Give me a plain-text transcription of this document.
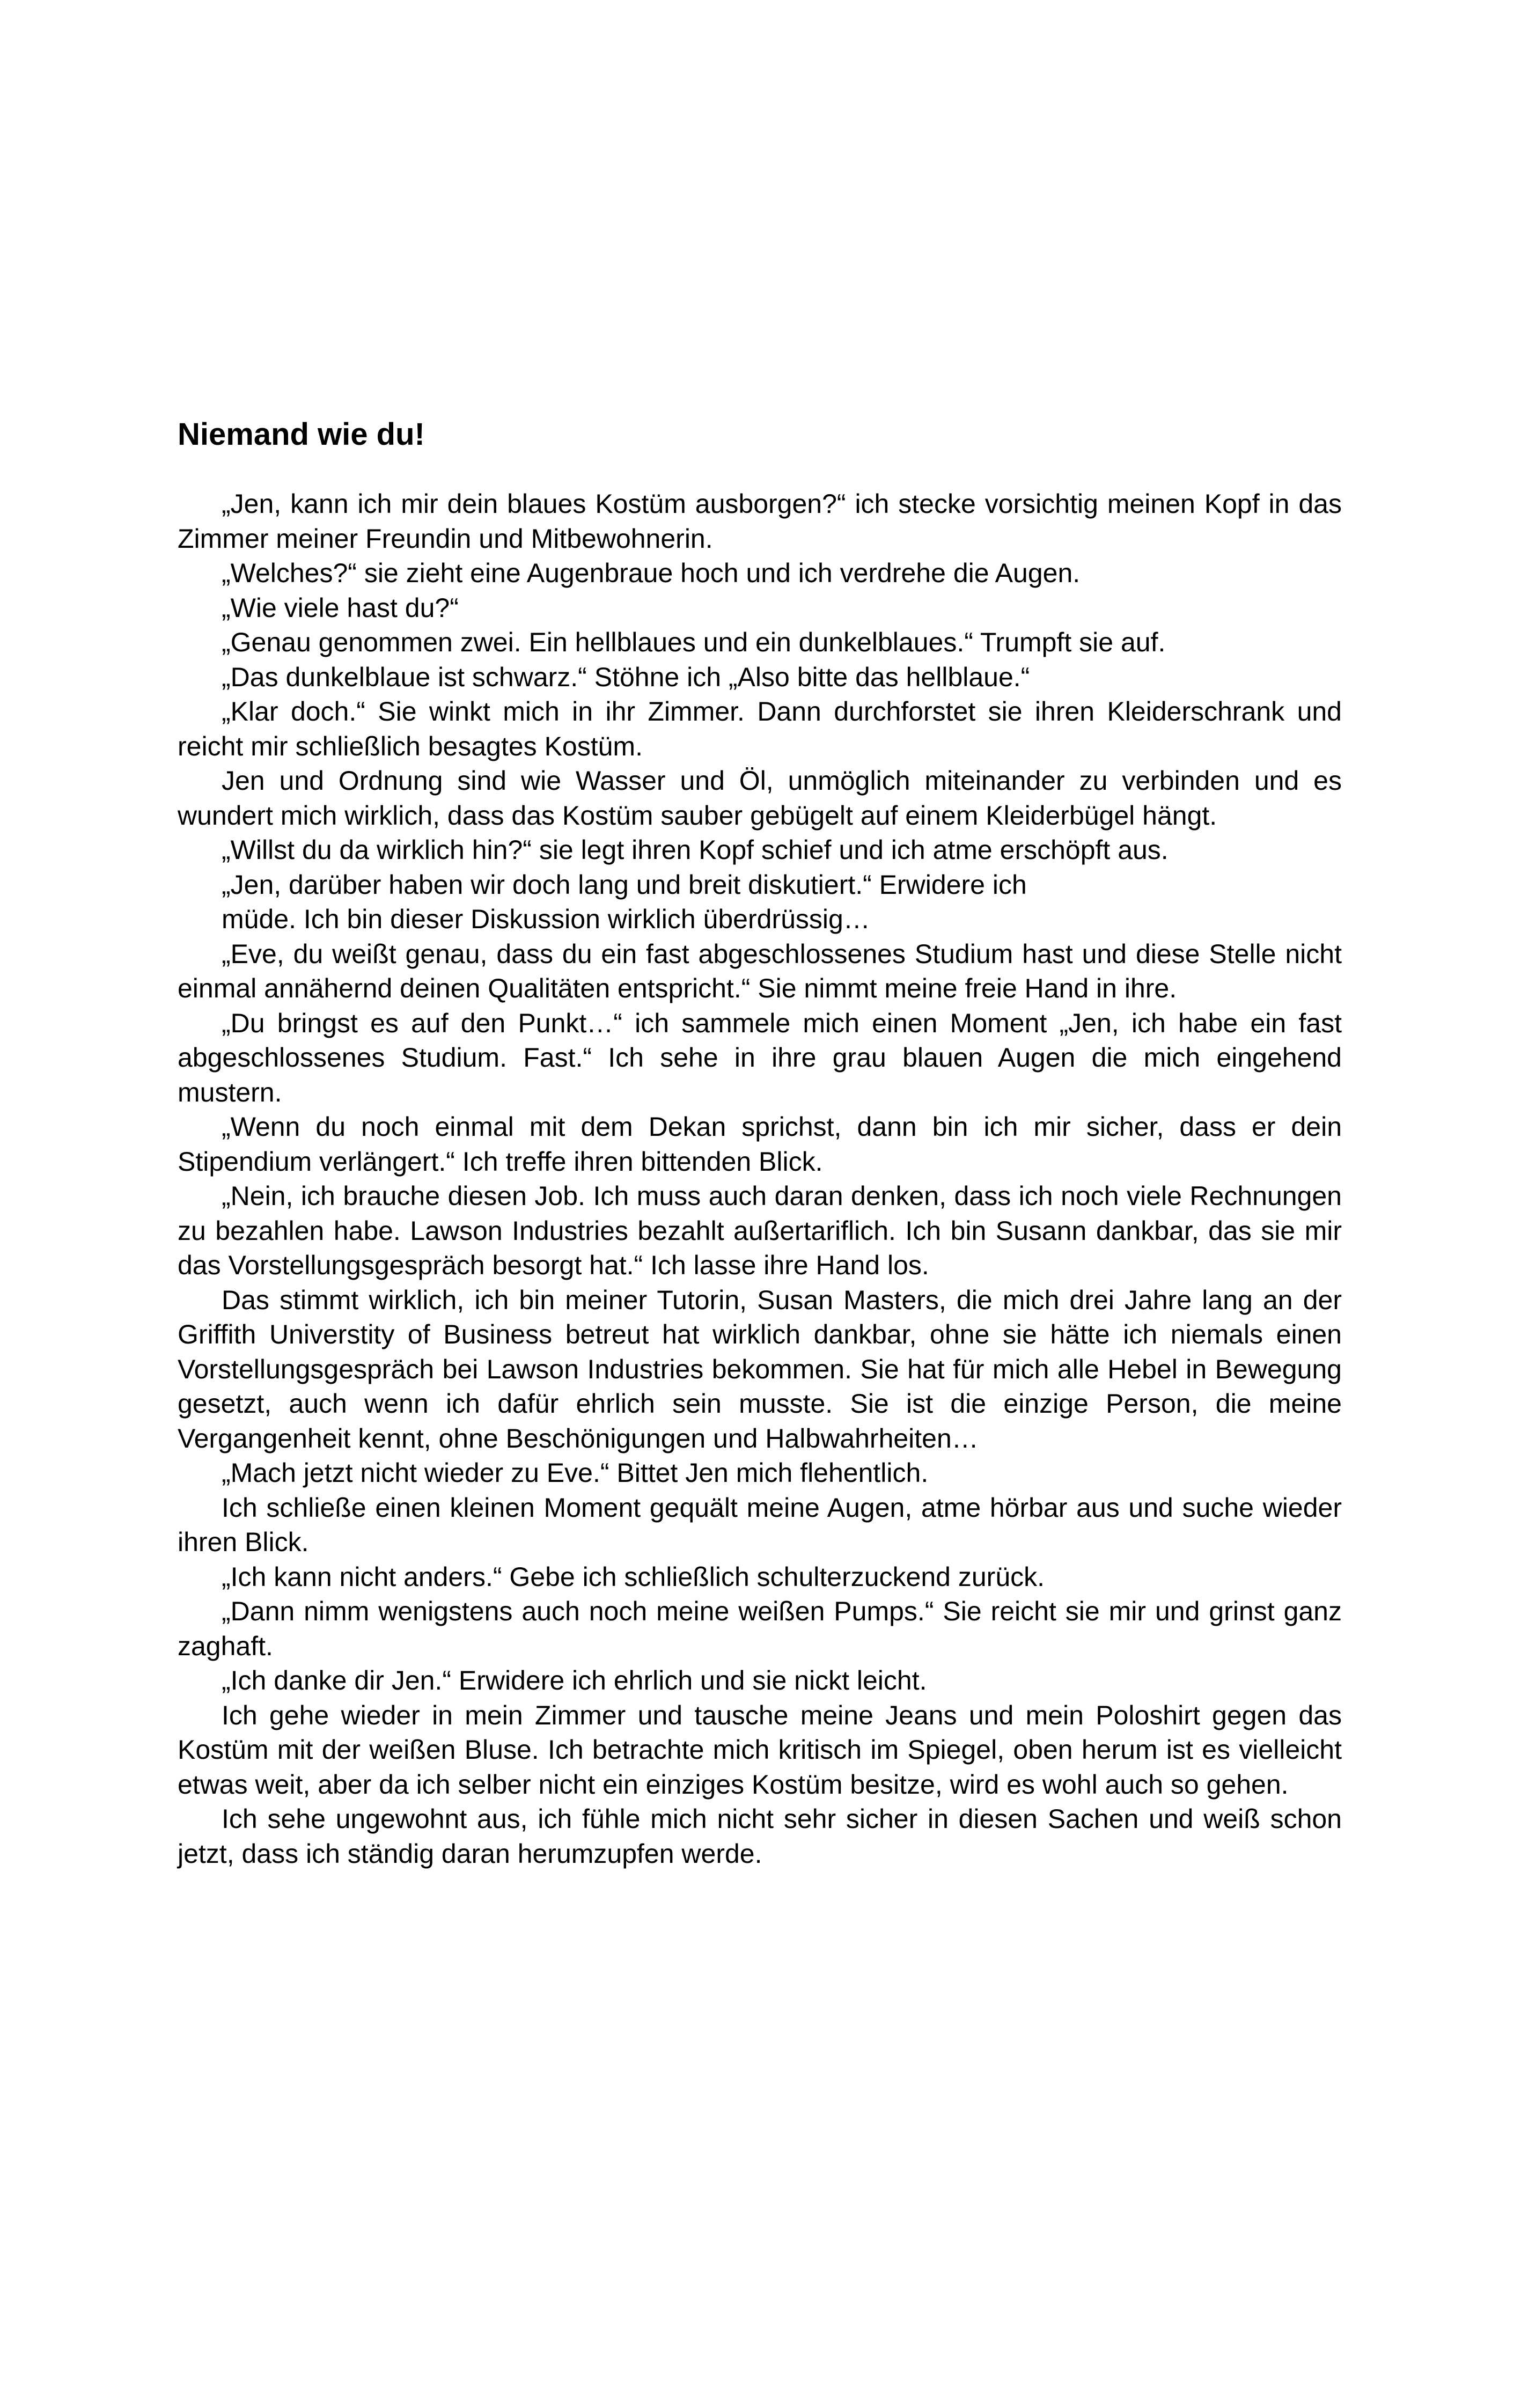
Niemand wie du!

„Jen, kann ich mir dein blaues Kostüm ausborgen?“ ich stecke vorsichtig meinen Kopf in das Zimmer meiner Freundin und Mitbewohnerin.

„Welches?“ sie zieht eine Augenbraue hoch und ich verdrehe die Augen.

„Wie viele hast du?“

„Genau genommen zwei. Ein hellblaues und ein dunkelblaues.“ Trumpft sie auf.

„Das dunkelblaue ist schwarz.“ Stöhne ich „Also bitte das hellblaue.“

„Klar doch.“ Sie winkt mich in ihr Zimmer. Dann durchforstet sie ihren Kleiderschrank und reicht mir schließlich besagtes Kostüm.

Jen und Ordnung sind wie Wasser und Öl, unmöglich miteinander zu verbinden und es wundert mich wirklich, dass das Kostüm sauber gebügelt auf einem Kleiderbügel hängt.

„Willst du da wirklich hin?“ sie legt ihren Kopf schief und ich atme erschöpft aus.

„Jen, darüber haben wir doch lang und breit diskutiert.“ Erwidere ich

müde. Ich bin dieser Diskussion wirklich überdrüssig…

„Eve, du weißt genau, dass du ein fast abgeschlossenes Studium hast und diese Stelle nicht einmal annähernd deinen Qualitäten entspricht.“ Sie nimmt meine freie Hand in ihre.

„Du bringst es auf den Punkt…“ ich sammele mich einen Moment „Jen, ich habe ein fast abgeschlossenes Studium. Fast.“ Ich sehe in ihre grau blauen Augen die mich eingehend mustern.

„Wenn du noch einmal mit dem Dekan sprichst, dann bin ich mir sicher, dass er dein Stipendium verlängert.“ Ich treffe ihren bittenden Blick.

„Nein, ich brauche diesen Job. Ich muss auch daran denken, dass ich noch viele Rechnungen zu bezahlen habe. Lawson Industries bezahlt außertariflich. Ich bin Susann dankbar, das sie mir das Vorstellungsgespräch besorgt hat.“ Ich lasse ihre Hand los.

Das stimmt wirklich, ich bin meiner Tutorin, Susan Masters, die mich drei Jahre lang an der Griffith Universtity of Business betreut hat wirklich dankbar, ohne sie hätte ich niemals einen Vorstellungsgespräch bei Lawson Industries bekommen. Sie hat für mich alle Hebel in Bewegung gesetzt, auch wenn ich dafür ehrlich sein musste. Sie ist die einzige Person, die meine Vergangenheit kennt, ohne Beschönigungen und Halbwahrheiten…

„Mach jetzt nicht wieder zu Eve.“ Bittet Jen mich flehentlich.

Ich schließe einen kleinen Moment gequält meine Augen, atme hörbar aus und suche wieder ihren Blick.

„Ich kann nicht anders.“ Gebe ich schließlich schulterzuckend zurück.

„Dann nimm wenigstens auch noch meine weißen Pumps.“ Sie reicht sie mir und grinst ganz zaghaft.

„Ich danke dir Jen.“ Erwidere ich ehrlich und sie nickt leicht.

Ich gehe wieder in mein Zimmer und tausche meine Jeans und mein Poloshirt gegen das Kostüm mit der weißen Bluse. Ich betrachte mich kritisch im Spiegel, oben herum ist es vielleicht etwas weit, aber da ich selber nicht ein einziges Kostüm besitze, wird es wohl auch so gehen.

Ich sehe ungewohnt aus, ich fühle mich nicht sehr sicher in diesen Sachen und weiß schon jetzt, dass ich ständig daran herumzupfen werde.
